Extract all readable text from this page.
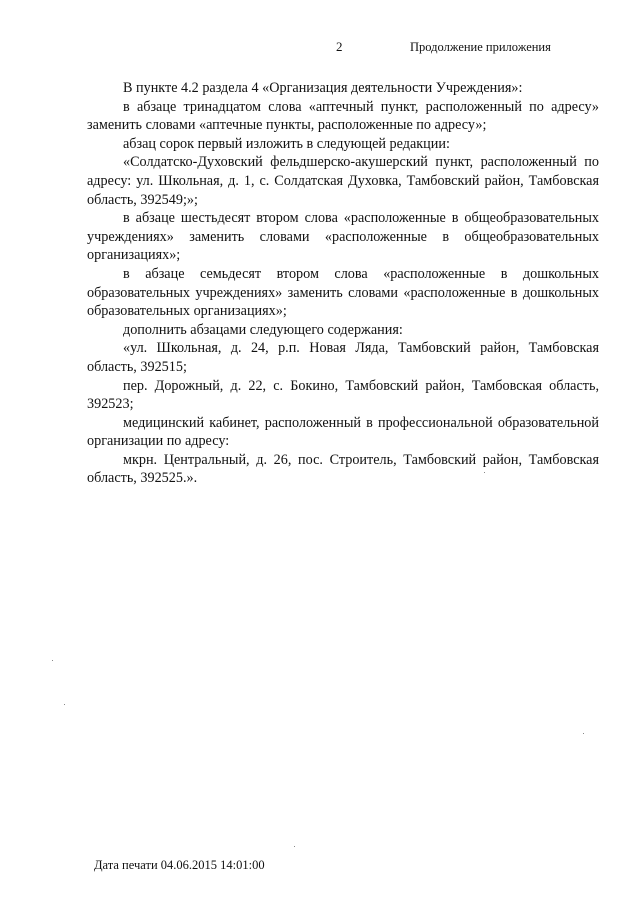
2	Продолжение приложения

В пункте 4.2 раздела 4 «Организация деятельности Учреждения»:

в абзаце тринадцатом слова «аптечный пункт, расположенный по адресу» заменить словами «аптечные пункты, расположенные по адресу»;

абзац сорок первый изложить в следующей редакции:

«Солдатско-Духовский фельдшерско-акушерский пункт, расположенный по адресу: ул. Школьная, д. 1, с. Солдатская Духовка, Тамбовский район, Тамбовская область, 392549;»;

в абзаце шестьдесят втором слова «расположенные в общеобразовательных учреждениях» заменить словами «расположенные в общеобразовательных организациях»;

в абзаце семьдесят втором слова «расположенные в дошкольных образовательных учреждениях» заменить словами «расположенные в дошкольных образовательных организациях»;

дополнить абзацами следующего содержания:

«ул. Школьная, д. 24, р.п. Новая Ляда, Тамбовский район, Тамбовская область, 392515;

пер. Дорожный, д. 22, с. Бокино, Тамбовский район, Тамбовская область, 392523;

медицинский кабинет, расположенный в профессиональной образовательной организации по адресу:

мкрн. Центральный, д. 26, пос. Строитель, Тамбовский район, Тамбовская область, 392525.».

Дата печати 04.06.2015 14:01:00
